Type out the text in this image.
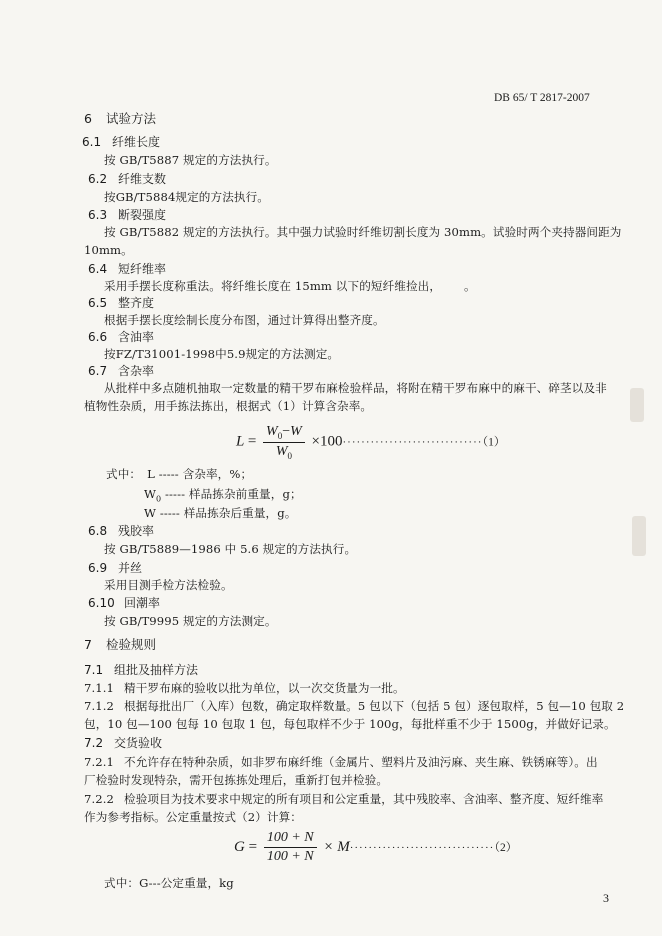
DB 65/ T 2817-2007
6 试验方法
6.1 纤维长度
按 GB/T5887 规定的方法执行。
6.2 纤维支数
按GB/T5884规定的方法执行。
6.3 断裂强度
按 GB/T5882 规定的方法执行。其中强力试验时纤维切割长度为 30mm。试验时两个夹持器间距为
10mm。
6.4 短纤维率
采用手摆长度称重法。将纤维长度在 15mm 以下的短纤维捡出， 。
6.5 整齐度
根据手摆长度绘制长度分布图，通过计算得出整齐度。
6.6 含油率
按FZ/T31001-1998中5.9规定的方法测定。
6.7 含杂率
从批样中多点随机抽取一定数量的精干罗布麻检验样品，将附在精干罗布麻中的麻干、碎茎以及非
植物性杂质，用手拣法拣出，根据式（1）计算含杂率。
$L = \frac{W_0-W}{W_0} \times 100\cdot\cdot\cdot\cdot\cdot\cdot\cdot\cdot\cdot\cdot\cdot\cdot\cdot\cdot\cdot\cdot\cdot\cdot\cdot\cdot\cdot\cdot\cdot\cdot\cdot\cdot\cdot\cdot\cdot\cdot(1)$
式中： L ----- 含杂率，%；
$W_0$ ----- 样品拣杂前重量，g；
W ----- 样品拣杂后重量，g。
6.8 残胶率
按 GB/T5889—1986 中 5.6 规定的方法执行。
6.9 并丝
采用目测手检方法检验。
6.10 回潮率
按 GB/T9995 规定的方法测定。
7 检验规则
7.1 组批及抽样方法
7.1.1 精干罗布麻的验收以批为单位，以一次交货量为一批。
7.1.2 根据每批出厂（入库）包数，确定取样数量。5 包以下（包括 5 包）逐包取样，5 包—10 包取 2
包，10 包—100 包每 10 包取 1 包，每包取样不少于 100g，每批样重不少于 1500g，并做好记录。
7.2 交货验收
7.2.1 不允许存在特种杂质，如非罗布麻纤维（金属片、塑料片及油污麻、夹生麻、铁锈麻等）。出
厂检验时发现特杂，需开包拣拣处理后，重新打包并检验。
7.2.2 检验项目为技术要求中规定的所有项目和公定重量，其中残胶率、含油率、整齐度、短纤维率
作为参考指标。公定重量按式（2）计算：
$G = \frac{100 + N}{100 + N} \times M\cdot\cdot\cdot\cdot\cdot\cdot\cdot\cdot\cdot\cdot\cdot\cdot\cdot\cdot\cdot\cdot\cdot\cdot\cdot\cdot\cdot\cdot\cdot\cdot\cdot\cdot\cdot\cdot\cdot\cdot\cdot(2)$
式中：G---公定重量，kg
3
